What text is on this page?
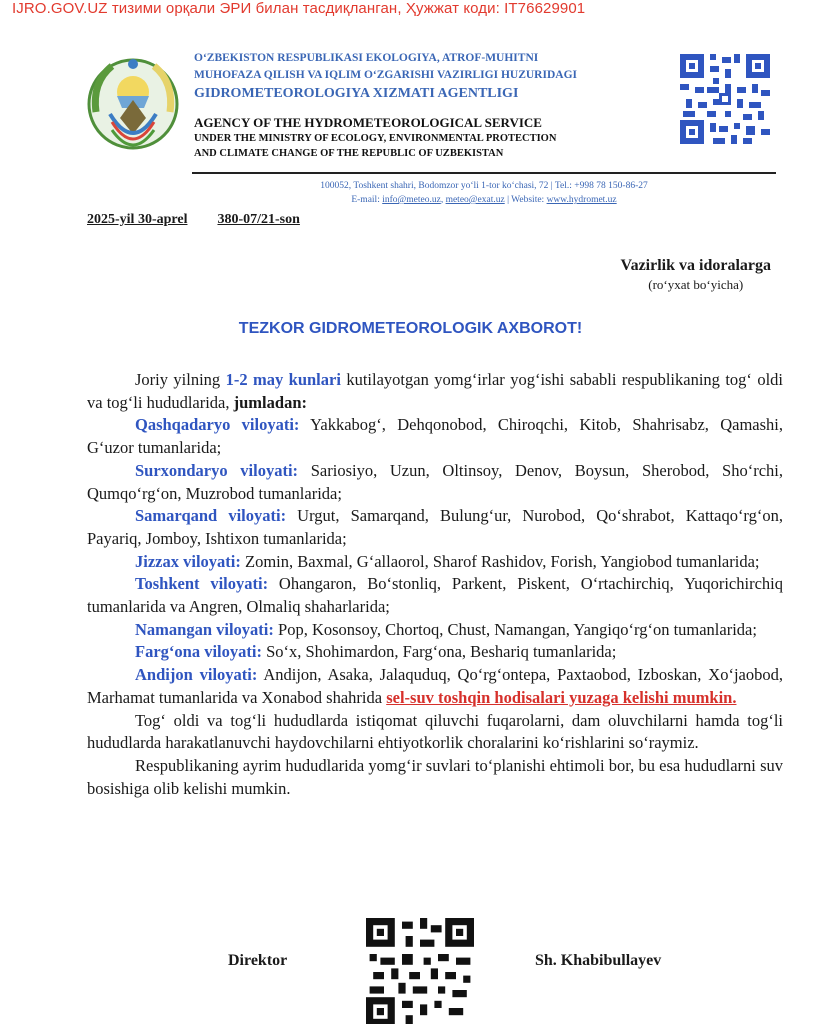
IJRO.GOV.UZ тизими орқали ЭРИ билан тасдиқланган, Ҳужжат коди: IT76629901
O‘ZBEKISTON RESPUBLIKASI EKOLOGIYA, ATROF-MUHITNI
MUHOFAZA QILISH VA IQLIM O‘ZGARISHI VAZIRLIGI HUZURIDAGI
GIDROMETEOROLOGIYA XIZMATI AGENTLIGI
AGENCY OF THE HYDROMETEOROLOGICAL SERVICE
UNDER THE MINISTRY OF ECOLOGY, ENVIRONMENTAL PROTECTION
AND CLIMATE CHANGE OF THE REPUBLIC OF UZBEKISTAN
100052, Toshkent shahri, Bodomzor yo‘li 1-tor ko‘chasi, 72 | Tel.: +998 78 150-86-27
E-mail: info@meteo.uz, meteo@exat.uz | Website: www.hydromet.uz
2025-yil 30-aprel 380-07/21-son
Vazirlik va idoralarga
(ro‘yxat bo‘yicha)
TEZKOR GIDROMETEOROLOGIK AXBOROT!

Joriy yilning 1-2 may kunlari kutilayotgan yomg‘irlar yog‘ishi sababli respublikaning tog‘ oldi va tog‘li hududlarida, jumladan:

Qashqadaryo viloyati: Yakkabog‘, Dehqonobod, Chiroqchi, Kitob, Shahrisabz, Qamashi, G‘uzor tumanlarida;

Surxondaryo viloyati: Sariosiyo, Uzun, Oltinsoy, Denov, Boysun, Sherobod, Sho‘rchi, Qumqo‘rg‘on, Muzrobod tumanlarida;

Samarqand viloyati: Urgut, Samarqand, Bulung‘ur, Nurobod, Qo‘shrabot, Kattaqo‘rg‘on, Payariq, Jomboy, Ishtixon tumanlarida;

Jizzax viloyati: Zomin, Baxmal, G‘allaorol, Sharof Rashidov, Forish, Yangiobod tumanlarida;

Toshkent viloyati: Ohangaron, Bo‘stonliq, Parkent, Piskent, O‘rtachirchiq, Yuqorichirchiq tumanlarida va Angren, Olmaliq shaharlarida;

Namangan viloyati: Pop, Kosonsoy, Chortoq, Chust, Namangan, Yangiqo‘rg‘on tumanlarida;

Farg‘ona viloyati: So‘x, Shohimardon, Farg‘ona, Beshariq tumanlarida;

Andijon viloyati: Andijon, Asaka, Jalaquduq, Qo‘rg‘ontepa, Paxtaobod, Izboskan, Xo‘jaobod, Marhamat tumanlarida va Xonabod shahrida sel-suv toshqin hodisalari yuzaga kelishi mumkin.

Tog‘ oldi va tog‘li hududlarda istiqomat qiluvchi fuqarolarni, dam oluvchilarni hamda tog‘li hududlarda harakatlanuvchi haydovchilarni ehtiyotkorlik choralarini ko‘rishlarini so‘raymiz.

Respublikaning ayrim hududlarida yomg‘ir suvlari to‘planishi ehtimoli bor, bu esa hududlarni suv bosishiga olib kelishi mumkin.

Direktor	Sh. Khabibullayev
